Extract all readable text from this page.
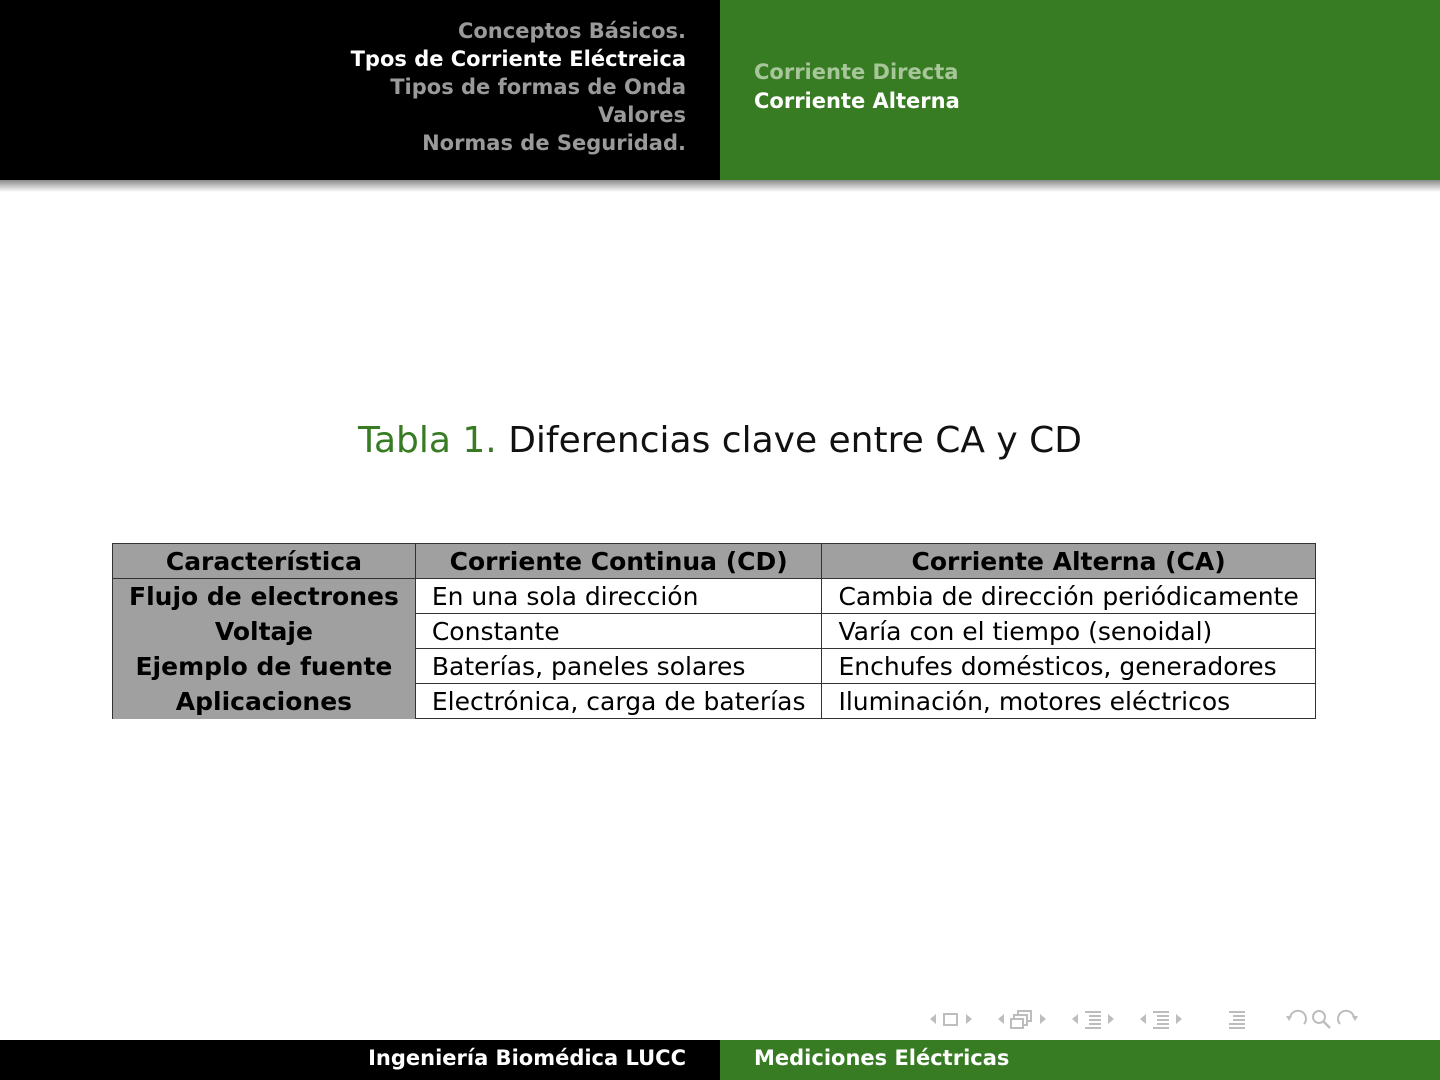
Conceptos Básicos.
Tpos de Corriente Eléctreica
Tipos de formas de Onda
Valores
Normas de Seguridad.
Corriente Directa
Corriente Alterna
Tabla 1. Diferencias clave entre CA y CD
Característica	Corriente Continua (CD)	Corriente Alterna (CA)
Flujo de electrones	En una sola dirección	Cambia de dirección periódicamente
Voltaje	Constante	Varía con el tiempo (senoidal)
Ejemplo de fuente	Baterías, paneles solares	Enchufes domésticos, generadores
Aplicaciones	Electrónica, carga de baterías	Iluminación, motores eléctricos
Ingeniería Biomédica LUCC	Mediciones Eléctricas
